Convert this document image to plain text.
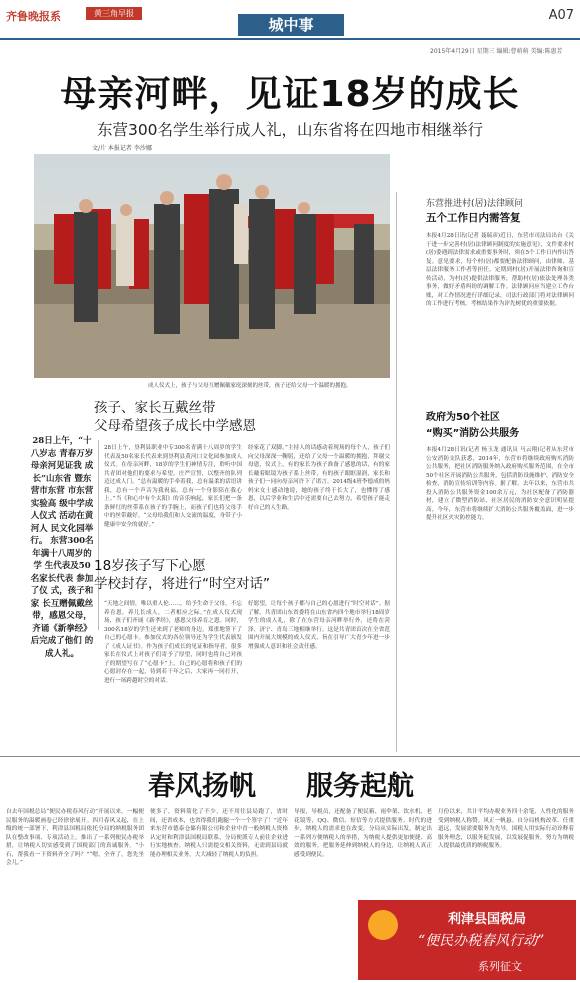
齐鲁晚报系	黄三角早报
城中事
A07
2015年4月29日 星期三 编辑:曹萌萌 美编:陈惠芳
母亲河畔，见证18岁的成长
东营300名学生举行成人礼，山东省将在四地市相继举行
文/片 本报记者 李沙娜
成人仪式上，孩子与父母互赠佩戴家庭深刻的丝带，孩子还给父母一个温暖的拥抱。
孩子、家长互戴丝带
父母希望孩子成长中学感恩
28日上午，“十八岁志 青春万岁 母亲河见证我 成长”山东省 暨东营市东营 市东营实验高 级中学成人仪式 活动在黄河人 民文化园举行。 东营300名年满十八周岁的学 生代表及50 名家长代表 参加了仪 式，孩子和家 长互赠佩戴丝 带，感恩父母， 齐诵《新拳经》 后完成了他们 的成人礼。
28日上午，垦利县职业中专300名青满十八周岁的学生代表及50名家长代表来到垦利县黄河口文化园参加成人仪式。在母亲河畔，18岁的学生们神情专注，聆听中国共青团对他们的要求与希望，庄严宣誓，以整齐的队列迈过成人门。“总有温暖的手牵着我，总有温柔的话语讲我，总有一个声音为我祝福，总有一个身影陪在我心上。”当《和心中有个太阳》的音乐响起，家长们把一条条鲜红的丝带系在孩子的手腕上，而孩子们也将父母手中的丝带戴好。“父母给我们和人交流的温度，身带子小健康中安全的就好。”
经家花了双脚。”主持人的话感动着现场的每个人，孩子们向父母深深一鞠躬，还给了父母一个温暖的拥抱，拜谢父母恩，仪式上，有的家长为孩子准备了感恩的话，有的家长戴着眼镜为孩子系上丝带，有的孩子眼眶湿润，家长和孩子们一同向母亲河许下了诺言。2014级4班李德成的妈妈宋女士感动地说，她的孩子终于长大了，也懂得了感恩，以后学业和生活中还需要自己去努力，希望孩子能走好自己的人生路。
18岁孩子写下心愿
学校封存，将进行“时空对话”
“天地之间情，唯以重人伦……，给予生命于父母，不忘养育恩，养儿长成人，二者相应之际。”在成人仪式现场，孩子们齐诵《新孝经》，感恩父母养育之恩。同时，300名18岁的学生还来到了老师的身边，郑重地签下了自己的心愿卡。参加仪式的各位领导还为学生代表颁发了《成人证书》。作为孩子们成长的见证和指导者，很多家长在仪式上对孩子们寄予了厚望，同时也将自己对孩子的期望写在了“心愿卡”上，自己的心愿将和孩子们的心愿封存在一起，待到若干年之后，大家再一同打开，进行一场跨越时空的对话。
好愿望，让每个孩子都与自己的心愿进行“时空对话”。据了解，共青团山东省委将在山东省内四个地市举行18周岁学生的成人礼，除了在东营母亲河畔举行外，还将在菏泽、济宁、青岛三地相继举行。这是共青团首次在全省范围内开展大规模的成人仪式，旨在引导广大青少年进一步增强成人意识和社会责任感。
东营推进村(居)法律顾问
五个工作日内需答复
本报4月28日讯(记者 聂瑞彦)近日，东营市司法局出台《关于进一步完善村(居)法律顾问制度的实施意见》，文件要求村(居)委遇到法律需求或重要事务时，须在5个工作日内作出答复。意见要求，每个村(居)都要配备法律顾问，由律师、基层法律服务工作者等担任，定期到村(居)开展法律咨询和宣传活动，为村(居)提供法律服务，帮助村(居)依法处理各类事务，做好矛盾纠纷的调解工作。法律顾问应当建立工作台账，对工作情况进行详细记录，司法行政部门将对法律顾问的工作进行考核，考核结果作为评先树优的重要依据。
政府为50个社区
“购买”消防公共服务
本报4月28日讯(记者 杨玉龙 通讯员 马云翔)记者从东营市公安消防支队获悉，2014年，东营市将继续政府购买消防公共服务，把社区消防服务纳入政府购买服务范围，在全市50个社区开展消防公共服务，包括消防设施维护、消防安全检查、消防宣传培训等内容。据了解，去年以来，东营市共投入消防公共服务资金100余万元，为社区配备了消防器材，建立了微型消防站，社区居民的消防安全意识明显提高。今年，东营市将继续扩大消防公共服务覆盖面，进一步提升社区火灾防控能力。
春风扬帆 服务起航
自去年国税总局“便民办税春风行动”开展以来，一幅便民服务的温暖画卷已经徐徐展开。四月春风又起，在上级的统一部署下，利津县国税局依托分局的纳税服务团队在整改事项、专项活动上，推出了一系列便民办税举措，让纳税人切实感受到了国税部门的真诚服务。“小石，帮我看一下资料齐全了吗？”“嗯，全齐了，您先坐会儿。”
便多了，资料简化了不少，还不用往县局跑了，省时间，还省成本，也省得我们跑腿一个一个签字了！”近年来东营市德泰仓储有限公司和企业中青一般纳税人资格认定时和利津县国税局联系，分局便派专人前往企业进行实地核查。纳税人只需提交相关资料，无需到县局就能办理相关业务，大大减轻了纳税人的负担。
导报，导税员，还配备了便民箱、雨伞架、饮水机、老花镜等，QQ、微信、短信等方式提供服务。时代的进步，纳税人的需求也在改变，分局从实际出发，制定出一系列方便纳税人的举措，为纳税人提供更加便捷、高效的服务，把服务延伸到纳税人的身边，让纳税人真正感受到便民。
月份以来，共计平均办税业务四十余笔，人性化的服务受到纳税人称赞。风正一帆悬。自分局机构改革、任重道远，发展需要服务为先导，国税人用实际行动诠释着服务理念，以服务促发展，以发展促服务，努力为纳税人提供最优质的纳税服务。
利津县国税局
“便民办税春风行动”
系列征文
